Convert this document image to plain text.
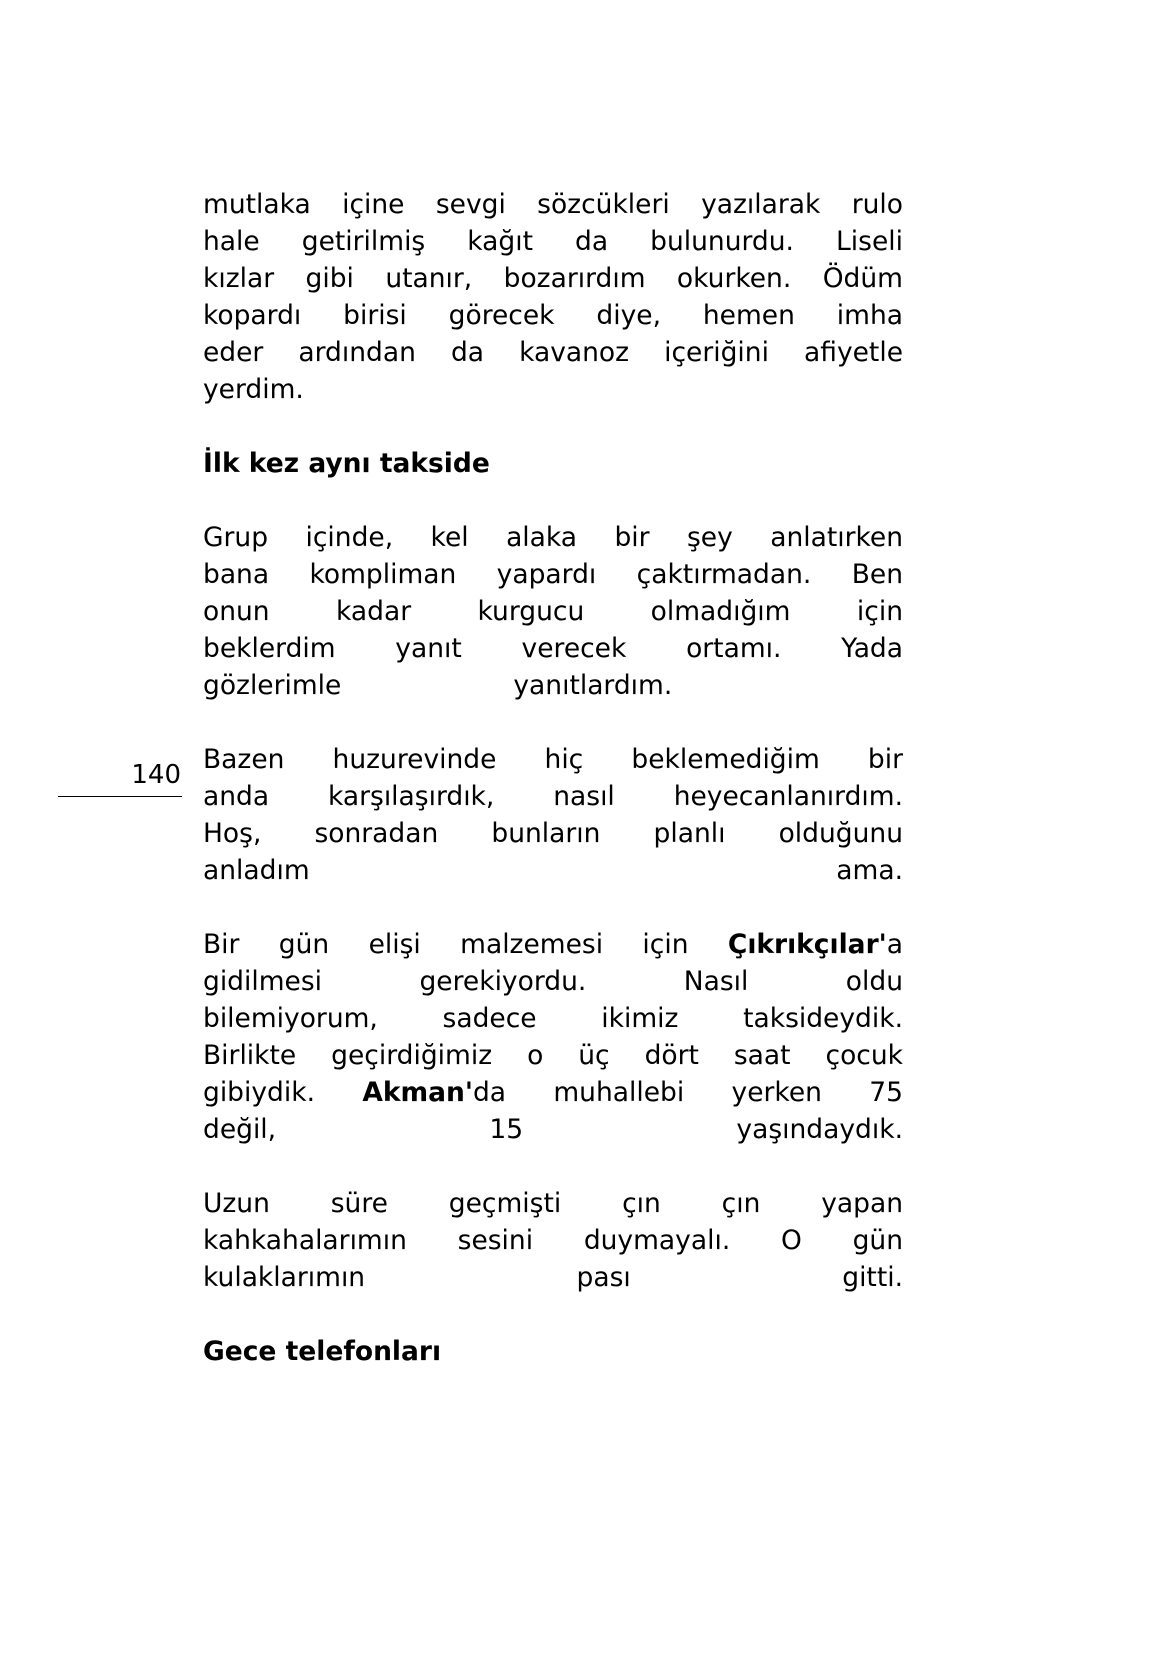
140
mutlaka içine sevgi sözcükleri yazılarak rulo
hale getirilmiş kağıt da bulunurdu. Liseli
kızlar gibi utanır, bozarırdım okurken. Ödüm
kopardı birisi görecek diye, hemen imha
eder ardından da kavanoz içeriğini afiyetle
yerdim.
İlk kez aynı takside
Grup içinde, kel alaka bir şey anlatırken
bana kompliman yapardı çaktırmadan. Ben
onun kadar kurgucu olmadığım için
beklerdim yanıt verecek ortamı. Yada
gözlerimle	yanıtlardım.
Bazen huzurevinde hiç beklemediğim bir
anda karşılaşırdık, nasıl heyecanlanırdım.
Hoş, sonradan bunların planlı olduğunu
anladım ama.
Bir gün elişi malzemesi için Çıkrıkçılar'a
gidilmesi gerekiyordu. Nasıl oldu
bilemiyorum, sadece ikimiz taksideydik.
Birlikte geçirdiğimiz o üç dört saat çocuk
gibiydik. Akman'da muhallebi yerken 75
değil, 15 yaşındaydık.
Uzun süre geçmişti çın çın yapan
kahkahalarımın sesini duymayalı. O gün
kulaklarımın pası gitti.
Gece telefonları
